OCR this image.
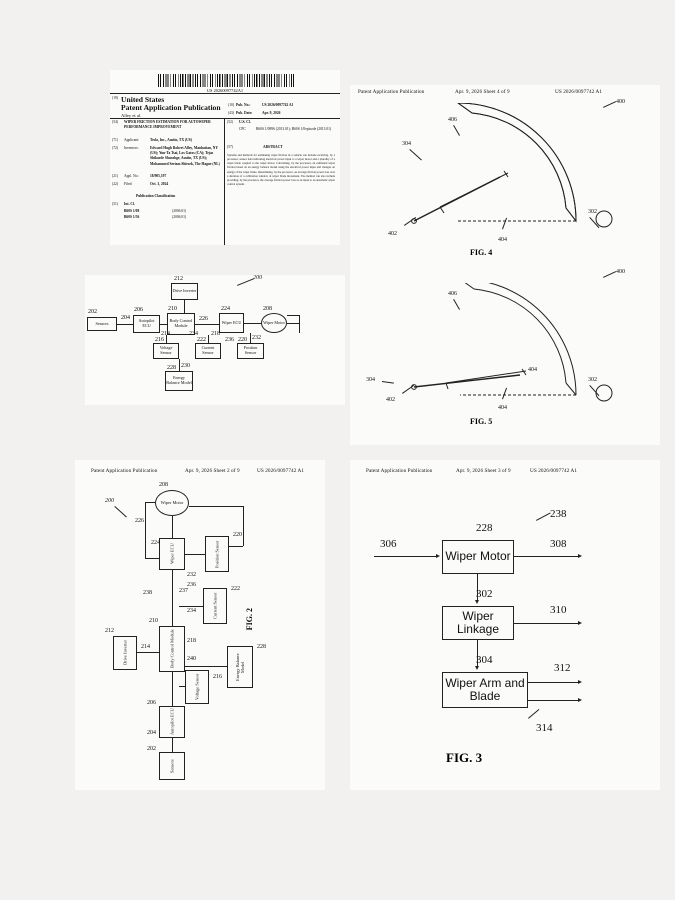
US 20260097742A1
(19) United States
Patent Application Publication
Alley et al.
(10) Pub. No.:	US 2026/0097742 A1
(43) Pub. Date:	Apr. 9, 2026
(54) WIPER FRICTION ESTIMATION FOR AUTOWIPER PERFORMANCE IMPROVEMENT
(71) Applicant:	Tesla, Inc., Austin, TX (US)
(72) Inventors:	Edward Hugh Robert Alley, Manhattan, NY (US); Yun-Ta Tsai, Los Gatos (CA); Tejas Shikarde Sharabge, Austin, TX (US); Mohammed Seriam Shirsek, The Hague (NL)
(21) Appl. No.:	18/905,197
(22) Filed:	Oct. 3, 2024
Publication Classification
(51) Int. Cl.
B60S 1/08	(2006.01)
B60S 1/56	(2006.01)
(52) U.S. Cl.
CPC	B60S 1/0896 (2013.01); B60S 1/0episode (2013.01)
(57)	ABSTRACT
Systems and methods for estimating wiper friction in a vehicle can include receiving, by a processor, sensor data indicating electrical power input to a wiper motor and a plurality of a wiper blade coupled to the wiper motor. Calculating, by the processor, an estimated wiper friction based on an energy balance model using the electrical power input and changes on energy of the wiper blade. Determining, by the processor, an average friction power loss over a duration of a calibration window of wiper blade movement. The method can also include providing, by the processor, the average friction power loss as an input to an automatic wiper control system.
200
Sensors	Autopilot ECU
Body Control Module
Drive Inverter
Wiper ECU	Wiper Motor
Position Sensor
Current Sensor
Voltage Sensor
Energy Balance Model
202
204
206	210
212
224	208
220
222
216
228
226
214	218
232
234
236
230
Patent Application Publication	Apr. 9, 2026 Sheet 4 of 9	US 2026/0097742 A1
400
406
304
302
402
404
FIG. 4
400
406
304	302
402
404
404
FIG. 5
Patent Application Publication	Apr. 9, 2026 Sheet 2 of 9	US 2026/0097742 A1
200	Wiper Motor
Wiper ECU	Position Sensor
Current Sensor
Energy Balance Model
Body Control Module
Drive Inverter
Voltage Sensor
Autopilot ECU
Sensors
208
226
224
220
222
228
210
212
216
206
202
232
234
236
237
238
240
214
218
204
FIG. 2
Patent Application Publication	Apr. 9, 2026 Sheet 3 of 9	US 2026/0097742 A1
238
Wiper Motor
Wiper Linkage
Wiper Arm and Blade
228
302
304
306	308
310
312
314
FIG. 3
